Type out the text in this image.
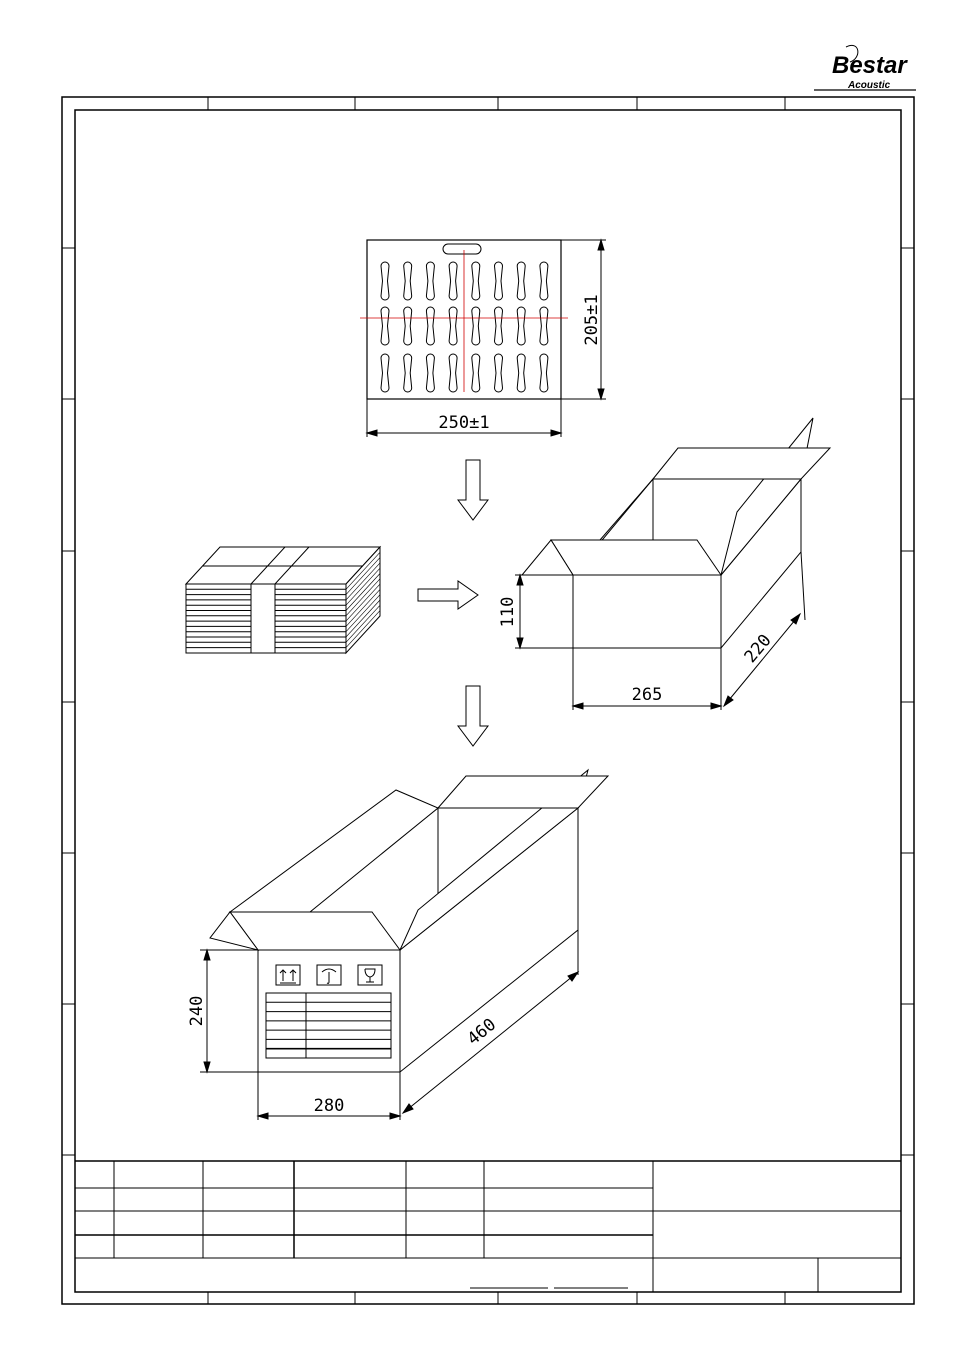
Bestar
Acoustic
250±1
205±1
110
265
220
240
280
460
